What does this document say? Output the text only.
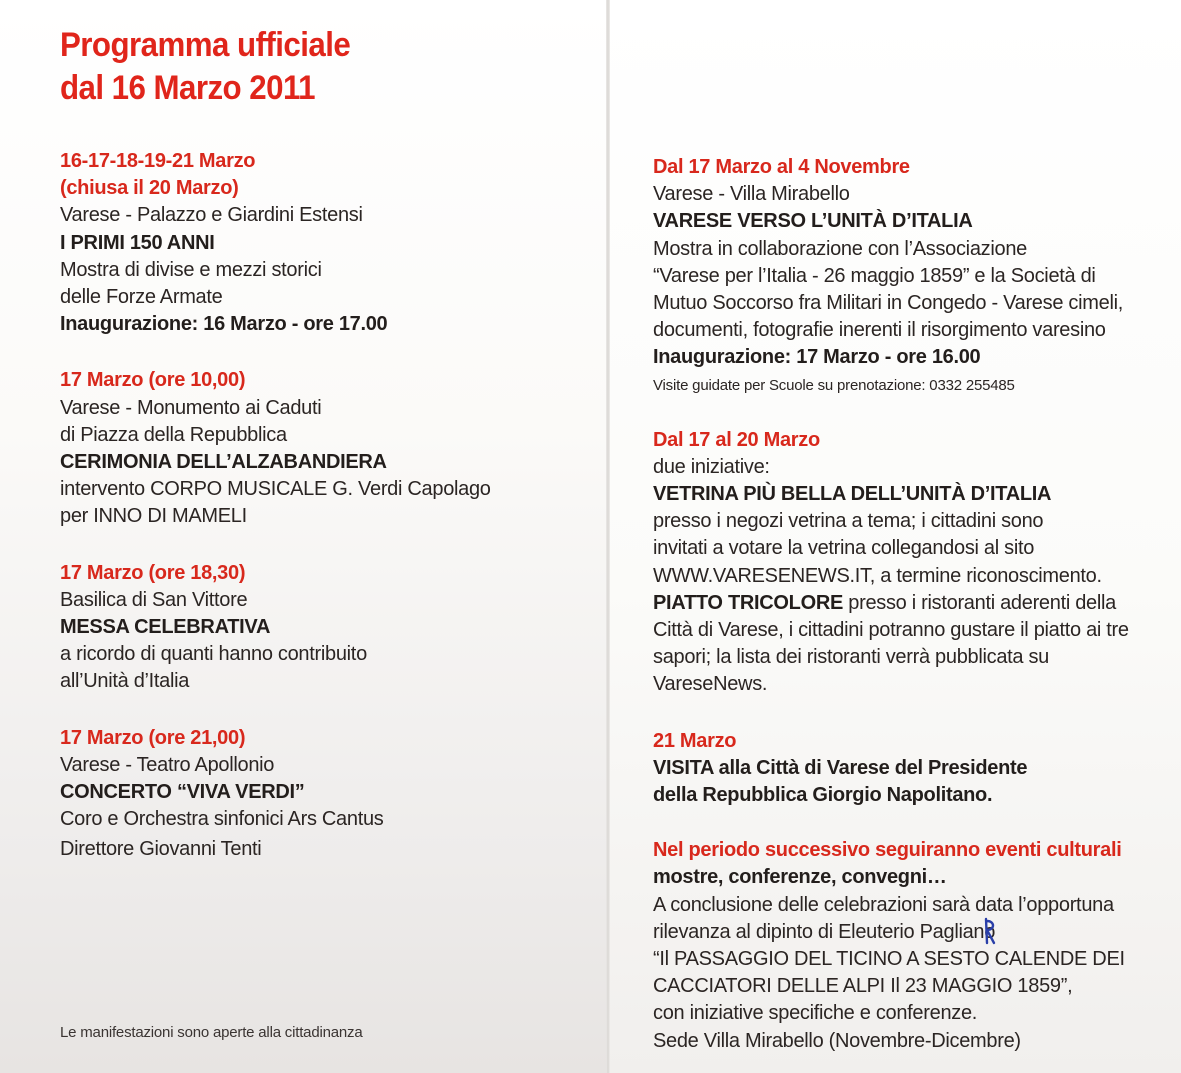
Programma ufficiale
dal 16 Marzo 2011
16-17-18-19-21 Marzo
(chiusa il 20 Marzo)
Varese - Palazzo e Giardini Estensi
I PRIMI 150 ANNI
Mostra di divise e mezzi storici
delle Forze Armate
Inaugurazione: 16 Marzo - ore 17.00
17 Marzo (ore 10,00)
Varese - Monumento ai Caduti
di Piazza della Repubblica
CERIMONIA DELL’ALZABANDIERA
intervento CORPO MUSICALE G. Verdi Capolago
per INNO DI MAMELI
17 Marzo (ore 18,30)
Basilica di San Vittore
MESSA CELEBRATIVA
a ricordo di quanti hanno contribuito
all’Unità d’Italia
17 Marzo (ore 21,00)
Varese - Teatro Apollonio
CONCERTO “VIVA VERDI”
Coro e Orchestra sinfonici Ars Cantus
Direttore Giovanni Tenti
Le manifestazioni sono aperte alla cittadinanza
Dal 17 Marzo al 4 Novembre
Varese - Villa Mirabello
VARESE VERSO L’UNITÀ D’ITALIA
Mostra in collaborazione con l’Associazione
“Varese per l’Italia - 26 maggio 1859” e la Società di
Mutuo Soccorso fra Militari in Congedo - Varese cimeli,
documenti, fotografie inerenti il risorgimento varesino
Inaugurazione: 17 Marzo - ore 16.00
Visite guidate per Scuole su prenotazione: 0332 255485
Dal 17 al 20 Marzo
due iniziative:
VETRINA PIÙ BELLA DELL’UNITÀ D’ITALIA
presso i negozi vetrina a tema; i cittadini sono
invitati a votare la vetrina collegandosi al sito
WWW.VARESENEWS.IT, a termine riconoscimento.
PIATTO TRICOLORE presso i ristoranti aderenti della
Città di Varese, i cittadini potranno gustare il piatto ai tre
sapori; la lista dei ristoranti verrà pubblicata su
VareseNews.
21 Marzo
VISITA alla Città di Varese del Presidente
della Repubblica Giorgio Napolitano.
Nel periodo successivo seguiranno eventi culturali
mostre, conferenze, convegni…
A conclusione delle celebrazioni sarà data l’opportuna
rilevanza al dipinto di Eleuterio Pagliano
“Il PASSAGGIO DEL TICINO A SESTO CALENDE DEI
CACCIATORI DELLE ALPI Il 23 MAGGIO 1859”,
con iniziative specifiche e conferenze.
Sede Villa Mirabello (Novembre-Dicembre)
